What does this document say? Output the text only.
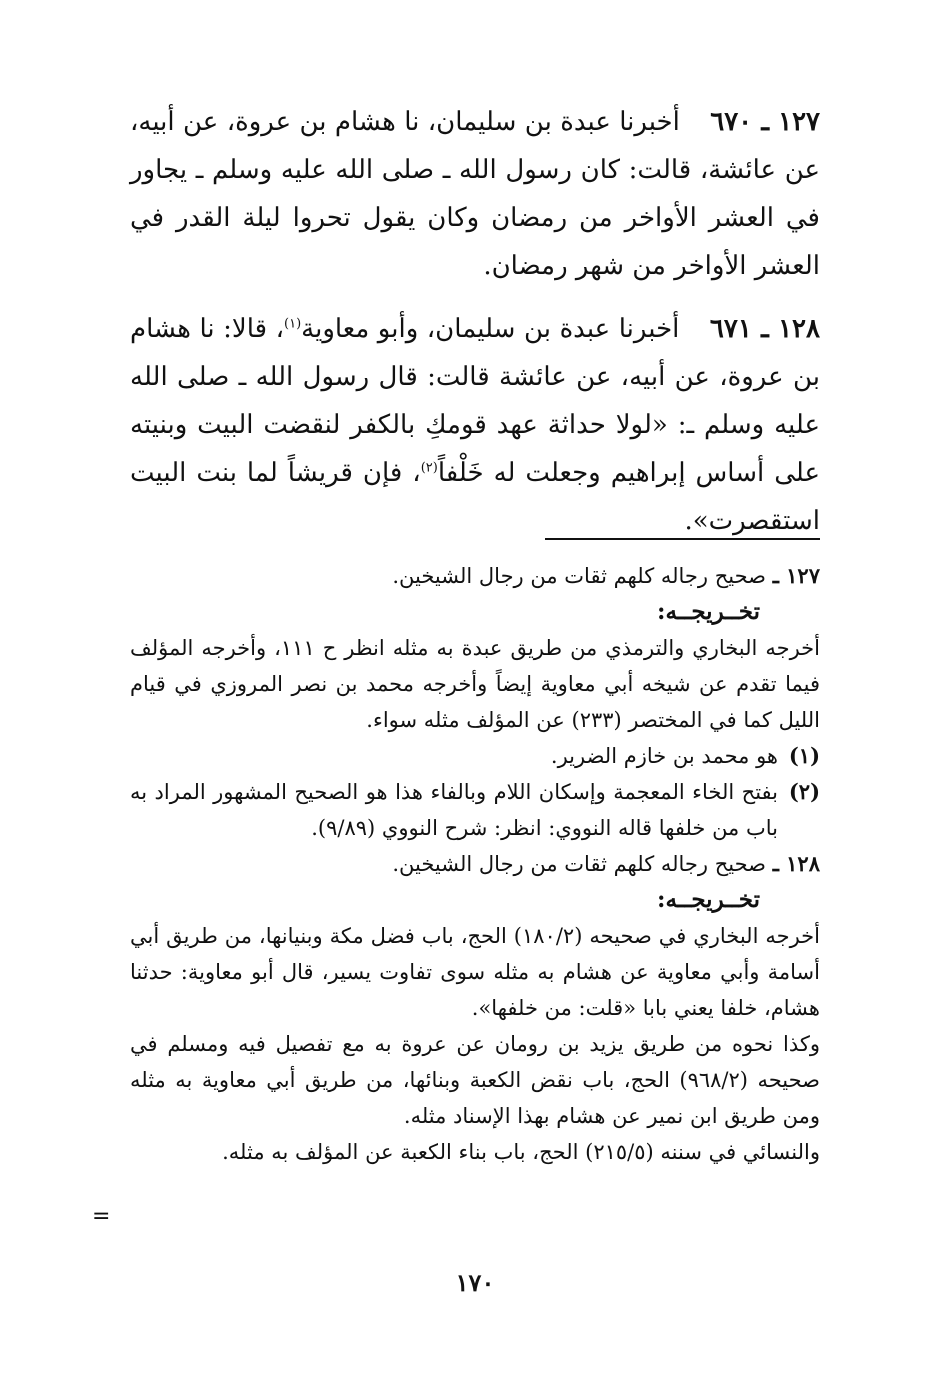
١٢٧ ـ ٦٧٠ أخبرنا عبدة بن سليمان، نا هشام بن عروة، عن أبيه، عن عائشة، قالت: كان رسول الله ـ صلى الله عليه وسلم ـ يجاور في العشر الأواخر من رمضان وكان يقول تحروا ليلة القدر في العشر الأواخر من شهر رمضان.

١٢٨ ـ ٦٧١ أخبرنا عبدة بن سليمان، وأبو معاوية$^{(١)}$، قالا: نا هشام بن عروة، عن أبيه، عن عائشة قالت: قال رسول الله ـ صلى الله عليه وسلم ـ: «لولا حداثة عهد قومكِ بالكفر لنقضت البيت وبنيته على أساس إبراهيم وجعلت له خَلْفاً$^{(٢)}$، فإن قريشاً لما بنت البيت استقصرت».

١٢٧ ـ صحيح رجاله كلهم ثقات من رجال الشيخين.

تخــريجــه:

أخرجه البخاري والترمذي من طريق عبدة به مثله انظر ح ١١١، وأخرجه المؤلف فيما تقدم عن شيخه أبي معاوية إيضاً وأخرجه محمد بن نصر المروزي في قيام الليل كما في المختصر (٢٣٣) عن المؤلف مثله سواء.

(١)
هو محمد بن خازم الضرير.
(٢)
بفتح الخاء المعجمة وإسكان اللام وبالفاء هذا هو الصحيح المشهور المراد به باب من خلفها قاله النووي: انظر: شرح النووي (٩/٨٩).

١٢٨ ـ صحيح رجاله كلهم ثقات من رجال الشيخين.

تخــريجــه:

أخرجه البخاري في صحيحه (١٨٠/٢) الحج، باب فضل مكة وبنيانها، من طريق أبي أسامة وأبي معاوية عن هشام به مثله سوى تفاوت يسير، قال أبو معاوية: حدثنا هشام، خلفا يعني بابا «قلت: من خلفها».

وكذا نحوه من طريق يزيد بن رومان عن عروة به مع تفصيل فيه ومسلم في صحيحه (٩٦٨/٢) الحج، باب نقض الكعبة وبنائها، من طريق أبي معاوية به مثله ومن طريق ابن نمير عن هشام بهذا الإسناد مثله.

والنسائي في سننه (٢١٥/٥) الحج، باب بناء الكعبة عن المؤلف به مثله.

=
١٧٠
